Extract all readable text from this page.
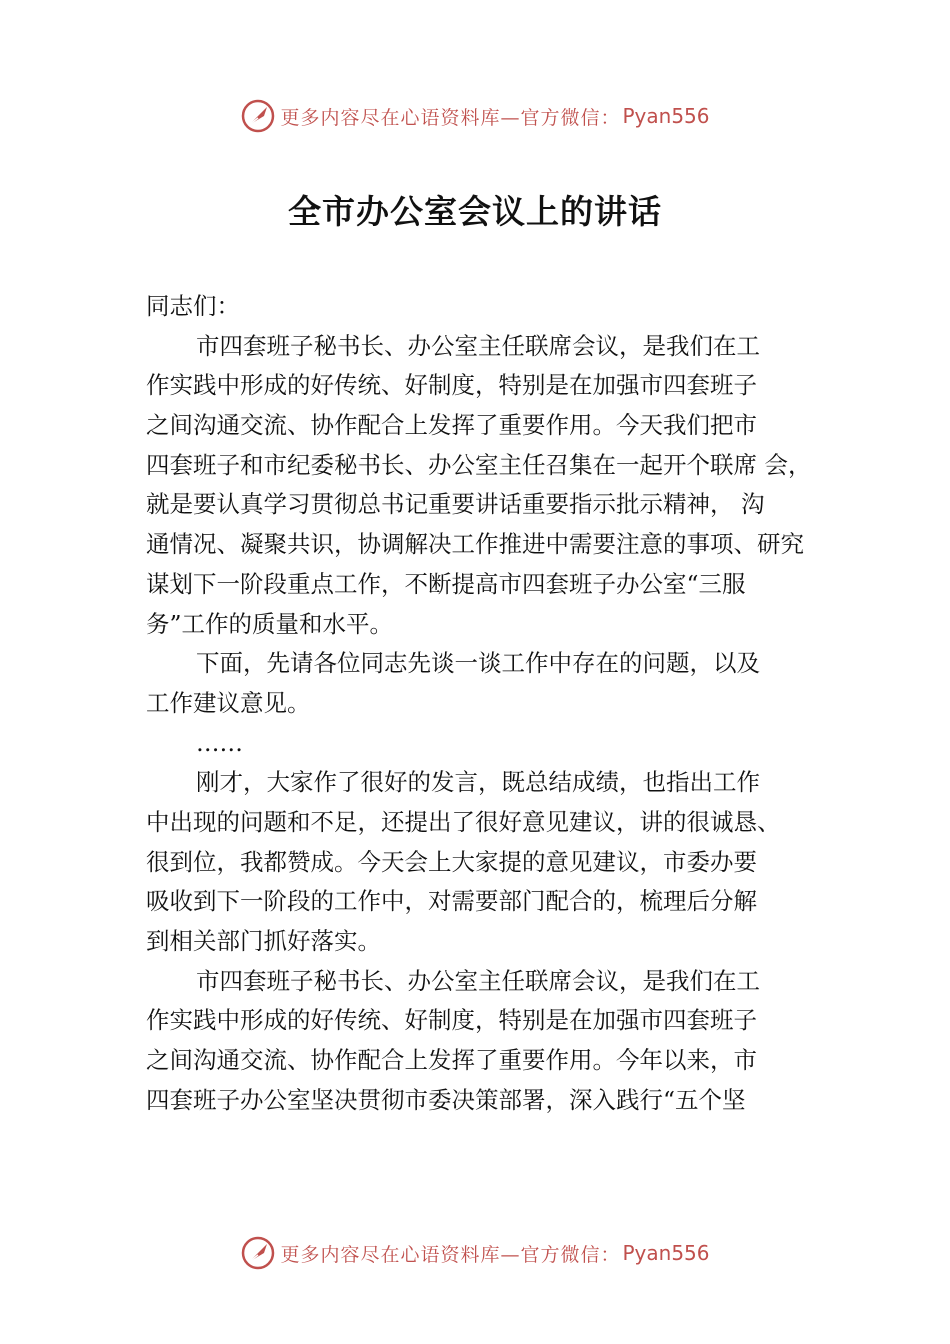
更多内容尽在心语资料库—官方微信： Pyan556
全市办公室会议上的讲话
同志们：
市四套班子秘书长、办公室主任联席会议，是我们在工
作实践中形成的好传统、好制度，特别是在加强市四套班子
之间沟通交流、协作配合上发挥了重要作用。今天我们把市
四套班子和市纪委秘书长、办公室主任召集在一起开个联席 会，
就是要认真学习贯彻总书记重要讲话重要指示批示精神， 沟
通情况、凝聚共识，协调解决工作推进中需要注意的事项、研究
谋划下一阶段重点工作，不断提高市四套班子办公室“三服
务”工作的质量和水平。
下面，先请各位同志先谈一谈工作中存在的问题，以及
工作建议意见。
……
刚才，大家作了很好的发言，既总结成绩，也指出工作
中出现的问题和不足，还提出了很好意见建议，讲的很诚恳、
很到位，我都赞成。今天会上大家提的意见建议，市委办要
吸收到下一阶段的工作中，对需要部门配合的，梳理后分解
到相关部门抓好落实。
市四套班子秘书长、办公室主任联席会议，是我们在工
作实践中形成的好传统、好制度，特别是在加强市四套班子
之间沟通交流、协作配合上发挥了重要作用。今年以来，市
四套班子办公室坚决贯彻市委决策部署，深入践行“五个坚
更多内容尽在心语资料库—官方微信： Pyan556
